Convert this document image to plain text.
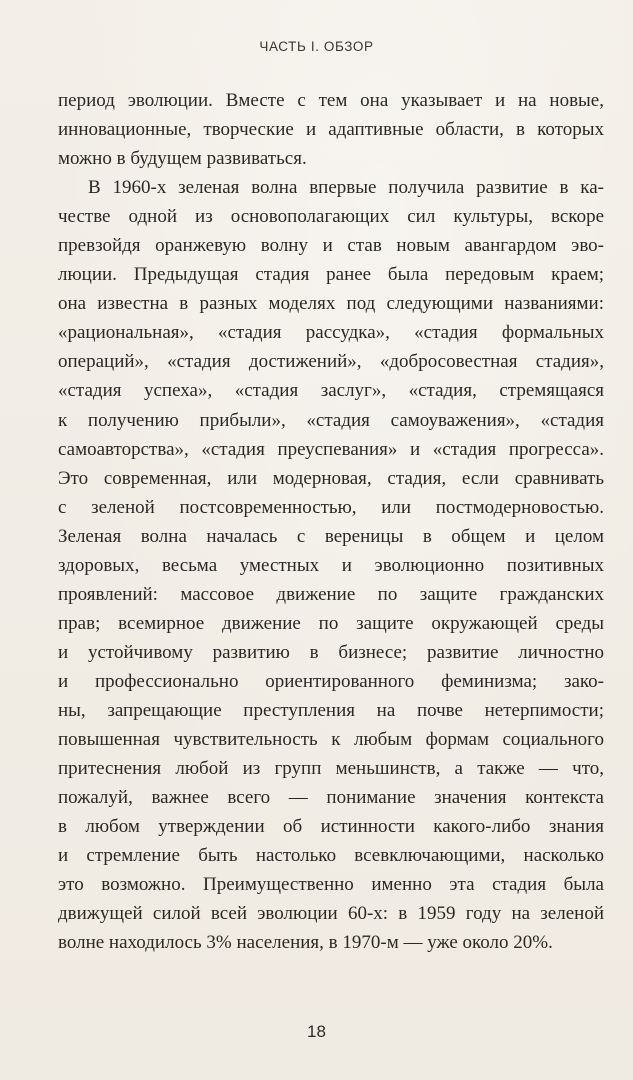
ЧАСТЬ I. ОБЗОР
период эволюции. Вместе с тем она указывает и на новые,
инновационные, творческие и адаптивные области, в которых
можно в будущем развиваться.
В 1960-х зеленая волна впервые получила развитие в ка-
честве одной из основополагающих сил культуры, вскоре
превзойдя оранжевую волну и став новым авангардом эво-
люции. Предыдущая стадия ранее была передовым краем;
она известна в разных моделях под следующими названиями:
«рациональная», «стадия рассудка», «стадия формальных
операций», «стадия достижений», «добросовестная стадия»,
«стадия успеха», «стадия заслуг», «стадия, стремящаяся
к получению прибыли», «стадия самоуважения», «стадия
самоавторства», «стадия преуспевания» и «стадия прогресса».
Это современная, или модерновая, стадия, если сравнивать
с зеленой постсовременностью, или постмодерновостью.
Зеленая волна началась с вереницы в общем и целом
здоровых, весьма уместных и эволюционно позитивных
проявлений: массовое движение по защите гражданских
прав; всемирное движение по защите окружающей среды
и устойчивому развитию в бизнесе; развитие личностно
и профессионально ориентированного феминизма; зако-
ны, запрещающие преступления на почве нетерпимости;
повышенная чувствительность к любым формам социального
притеснения любой из групп меньшинств, а также — что,
пожалуй, важнее всего — понимание значения контекста
в любом утверждении об истинности какого-либо знания
и стремление быть настолько всевключающими, насколько
это возможно. Преимущественно именно эта стадия была
движущей силой всей эволюции 60-х: в 1959 году на зеленой
волне находилось 3% населения, в 1970-м — уже около 20%.
18
